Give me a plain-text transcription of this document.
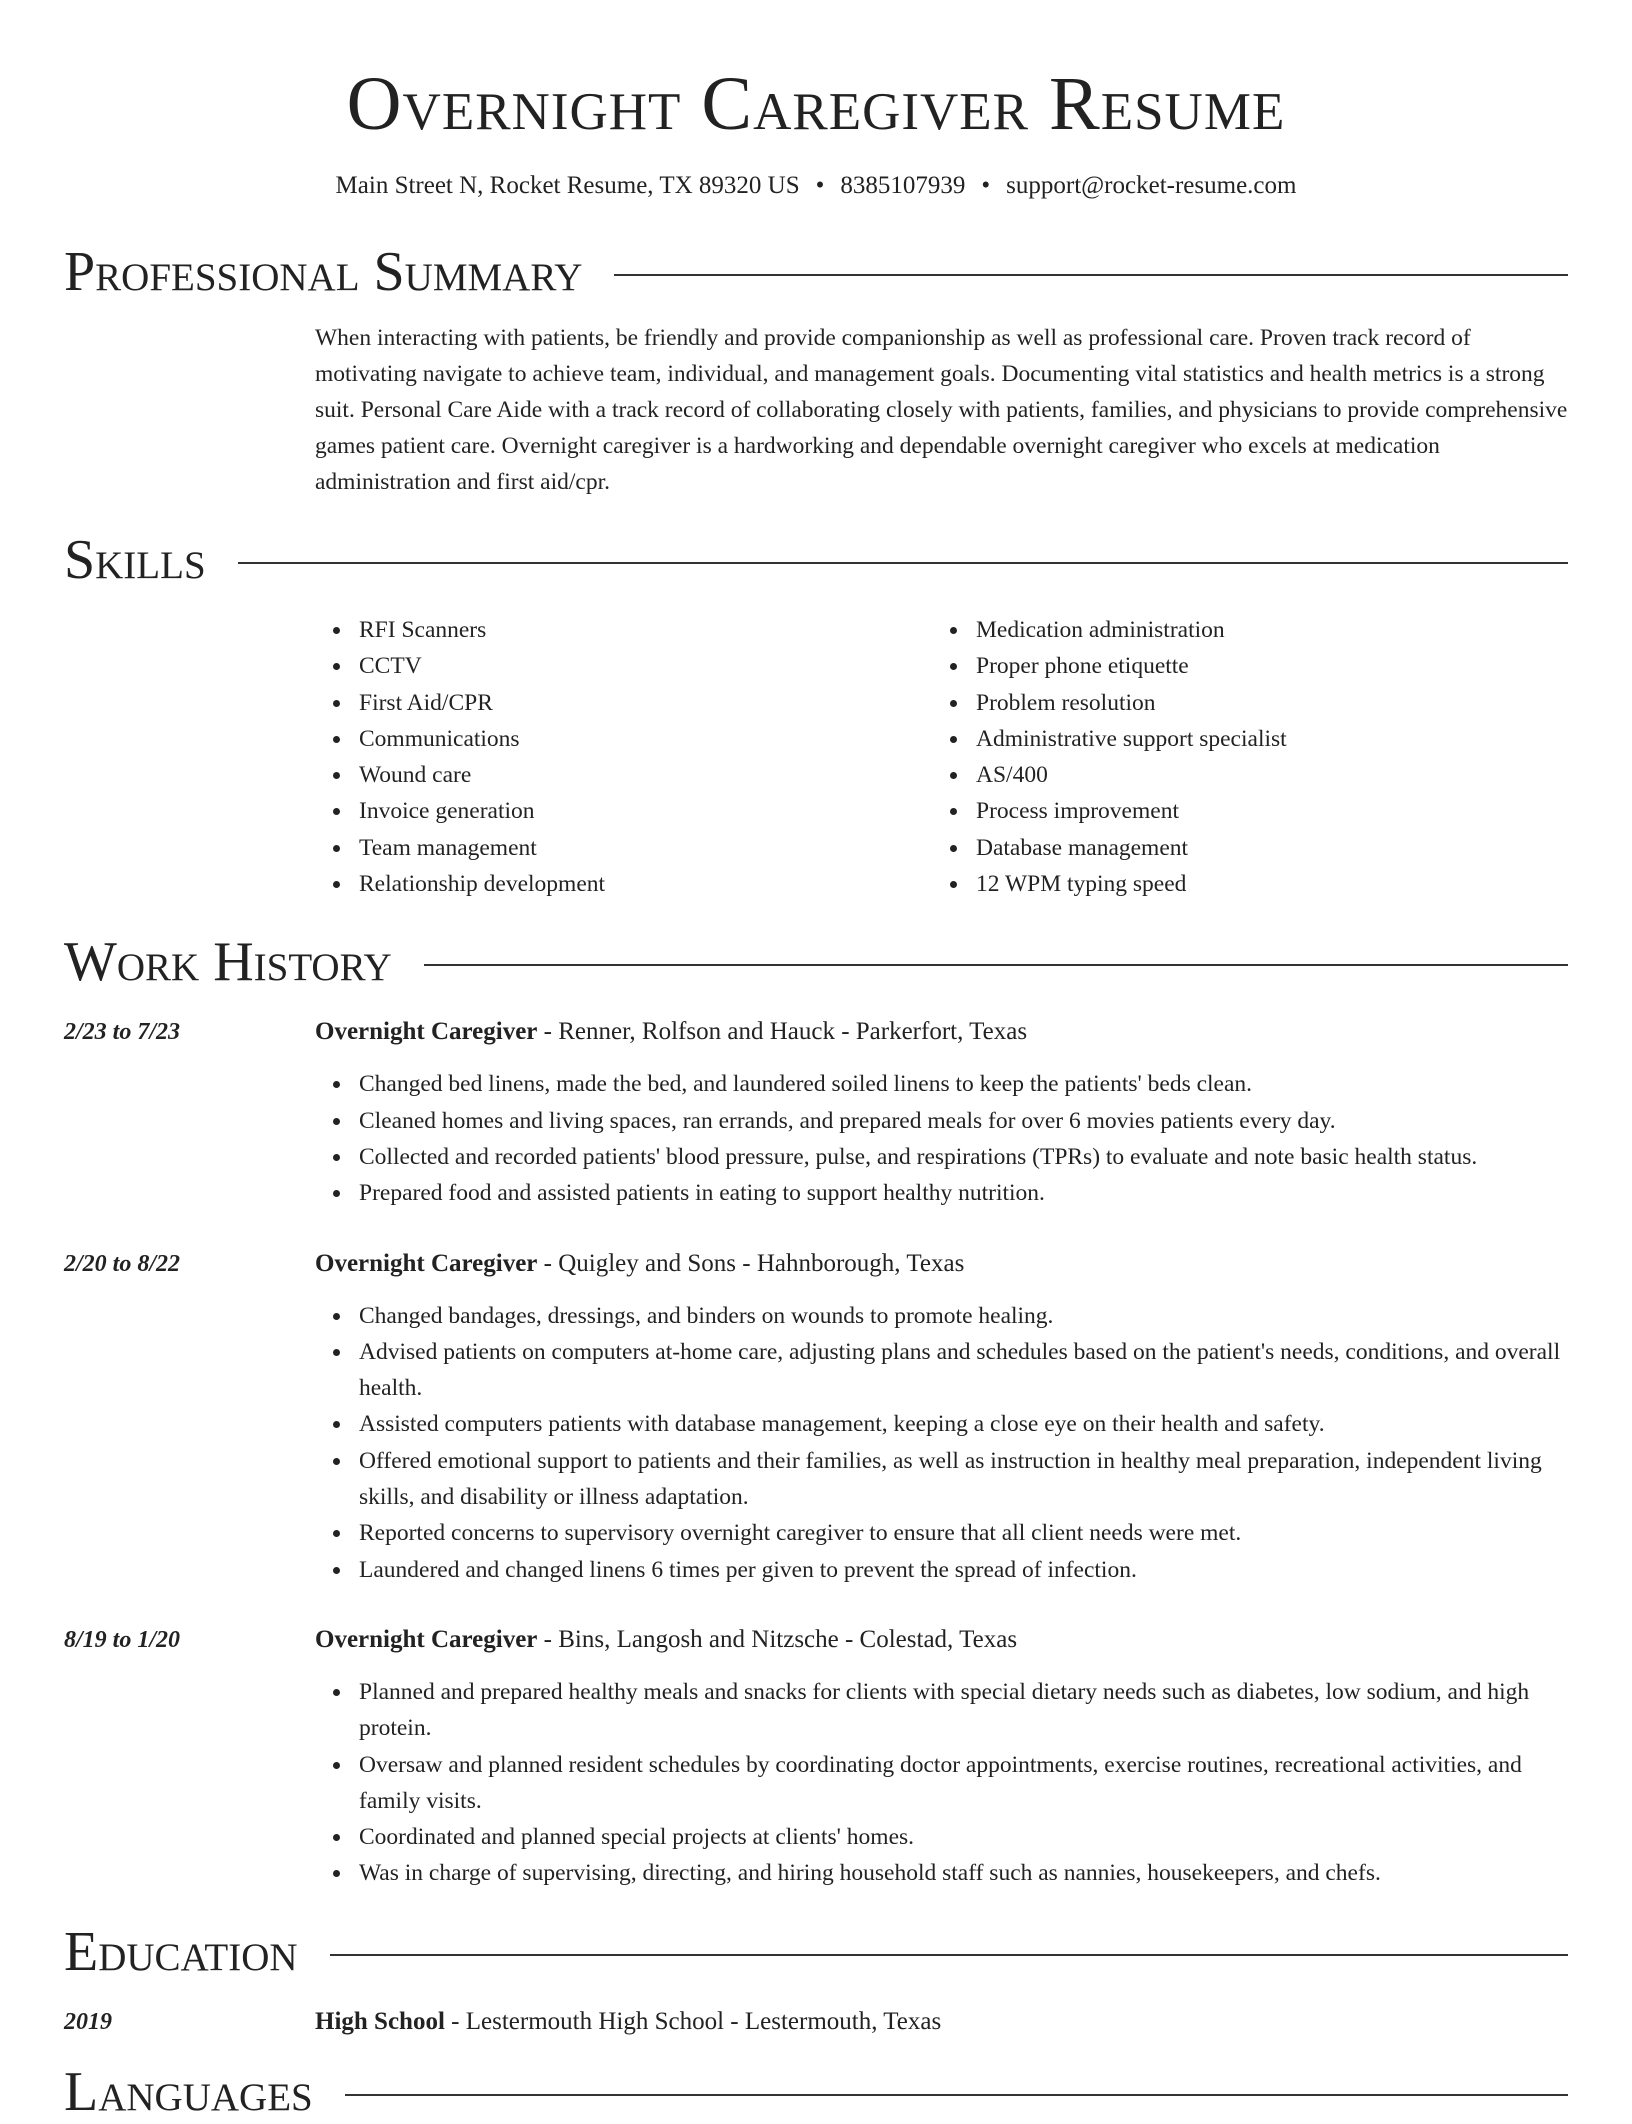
Overnight Caregiver Resume
Main Street N, Rocket Resume, TX 89320 US • 8385107939 • support@rocket-resume.com
Professional Summary
When interacting with patients, be friendly and provide companionship as well as professional care. Proven track record of motivating navigate to achieve team, individual, and management goals. Documenting vital statistics and health metrics is a strong suit. Personal Care Aide with a track record of collaborating closely with patients, families, and physicians to provide comprehensive games patient care. Overnight caregiver is a hardworking and dependable overnight caregiver who excels at medication administration and first aid/cpr.
Skills
RFI Scanners
CCTV
First Aid/CPR
Communications
Wound care
Invoice generation
Team management
Relationship development
Medication administration
Proper phone etiquette
Problem resolution
Administrative support specialist
AS/400
Process improvement
Database management
12 WPM typing speed
Work History
2/23 to 7/23	Overnight Caregiver - Renner, Rolfson and Hauck - Parkerfort, Texas
Changed bed linens, made the bed, and laundered soiled linens to keep the patients' beds clean.
Cleaned homes and living spaces, ran errands, and prepared meals for over 6 movies patients every day.
Collected and recorded patients' blood pressure, pulse, and respirations (TPRs) to evaluate and note basic health status.
Prepared food and assisted patients in eating to support healthy nutrition.
2/20 to 8/22	Overnight Caregiver - Quigley and Sons - Hahnborough, Texas
Changed bandages, dressings, and binders on wounds to promote healing.
Advised patients on computers at-home care, adjusting plans and schedules based on the patient's needs, conditions, and overall health.
Assisted computers patients with database management, keeping a close eye on their health and safety.
Offered emotional support to patients and their families, as well as instruction in healthy meal preparation, independent living skills, and disability or illness adaptation.
Reported concerns to supervisory overnight caregiver to ensure that all client needs were met.
Laundered and changed linens 6 times per given to prevent the spread of infection.
8/19 to 1/20	Overnight Caregiver - Bins, Langosh and Nitzsche - Colestad, Texas
Planned and prepared healthy meals and snacks for clients with special dietary needs such as diabetes, low sodium, and high protein.
Oversaw and planned resident schedules by coordinating doctor appointments, exercise routines, recreational activities, and family visits.
Coordinated and planned special projects at clients' homes.
Was in charge of supervising, directing, and hiring household staff such as nannies, housekeepers, and chefs.
Education
2019	High School - Lestermouth High School - Lestermouth, Texas
Languages
